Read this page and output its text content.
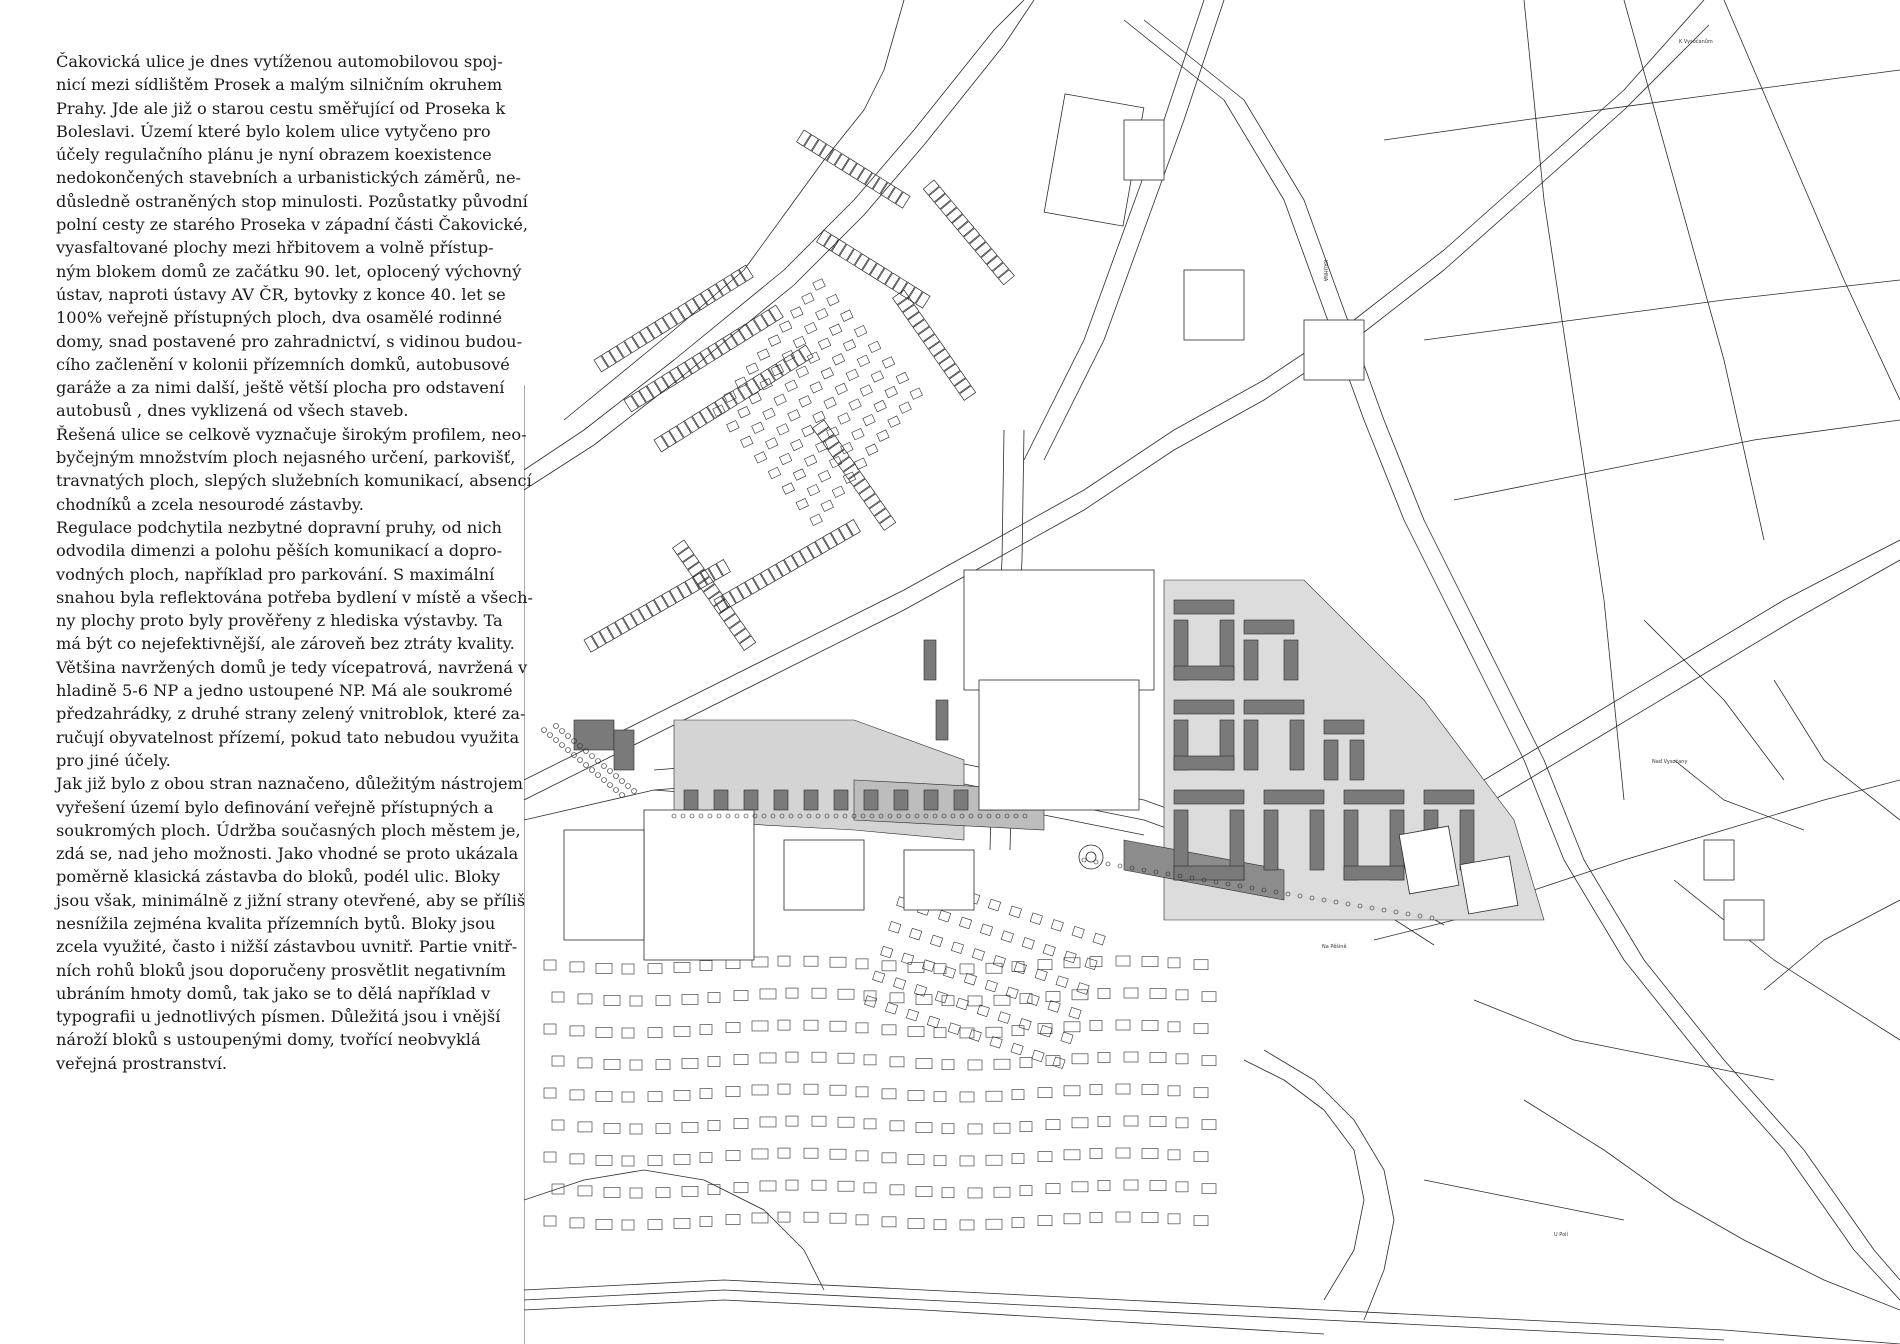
Čakovická ulice je dnes vytíženou automobilovou spoj-

nicí mezi sídlištěm Prosek a malým silničním okruhem

Prahy. Jde ale již o starou cestu směřující od Proseka k

Boleslavi. Území které bylo kolem ulice vytyčeno pro

účely regulačního plánu je nyní obrazem koexistence

nedokončených stavebních a urbanistických záměrů, ne-

důsledně ostraněných stop minulosti. Pozůstatky původní

polní cesty ze starého Proseka v západní části Čakovické,

vyasfaltované plochy mezi hřbitovem a volně přístup-

ným blokem domů ze začátku 90. let, oplocený výchovný

ústav, naproti ústavy AV ČR, bytovky z konce 40. let se

100% veřejně přístupných ploch, dva osamělé rodinné

domy, snad postavené pro zahradnictví, s vidinou budou-

cího začlenění v kolonii přízemních domků, autobusové

garáže a za nimi další, ještě větší plocha pro odstavení

autobusů , dnes vyklizená od všech staveb.

Řešená ulice se celkově vyznačuje širokým profilem, neo-

byčejným množstvím ploch nejasného určení, parkovišť,

travnatých ploch, slepých služebních komunikací, absencí

chodníků a zcela nesourodé zástavby.

Regulace podchytila nezbytné dopravní pruhy, od nich

odvodila dimenzi a polohu pěších komunikací a dopro-

vodných ploch, například pro parkování. S maximální

snahou byla reflektována potřeba bydlení v místě a všech-

ny plochy proto byly prověřeny z hlediska výstavby. Ta

má být co nejefektivnější, ale zároveň bez ztráty kvality.

Většina navržených domů je tedy vícepatrová, navržená v

hladině 5-6 NP a jedno ustoupené NP. Má ale soukromé

předzahrádky, z druhé strany zelený vnitroblok, které za-

ručují obyvatelnost přízemí, pokud tato nebudou využita

pro jiné účely.

Jak již bylo z obou stran naznačeno, důležitým nástrojem

vyřešení území bylo definování veřejně přístupných a

soukromých ploch. Údržba současných ploch městem je,

zdá se, nad jeho možnosti. Jako vhodné se proto ukázala

poměrně klasická zástavba do bloků, podél ulic. Bloky

jsou však, minimálně z jižní strany otevřené, aby se příliš

nesnížila zejména kvalita přízemních bytů. Bloky jsou

zcela využité, často i nižší zástavbou uvnitř. Partie vnitř-

ních rohů bloků jsou doporučeny prosvětlit negativním

ubráním hmoty domů, tak jako se to dělá například v

typografii u jednotlivých písmen. Důležitá jsou i vnější

nároží bloků s ustoupenými domy, tvořící neobvyklá

veřejná prostranství.

K Vysočanům
Nad Vysočany
Na Pěšině
U Polí
KRUHNA
